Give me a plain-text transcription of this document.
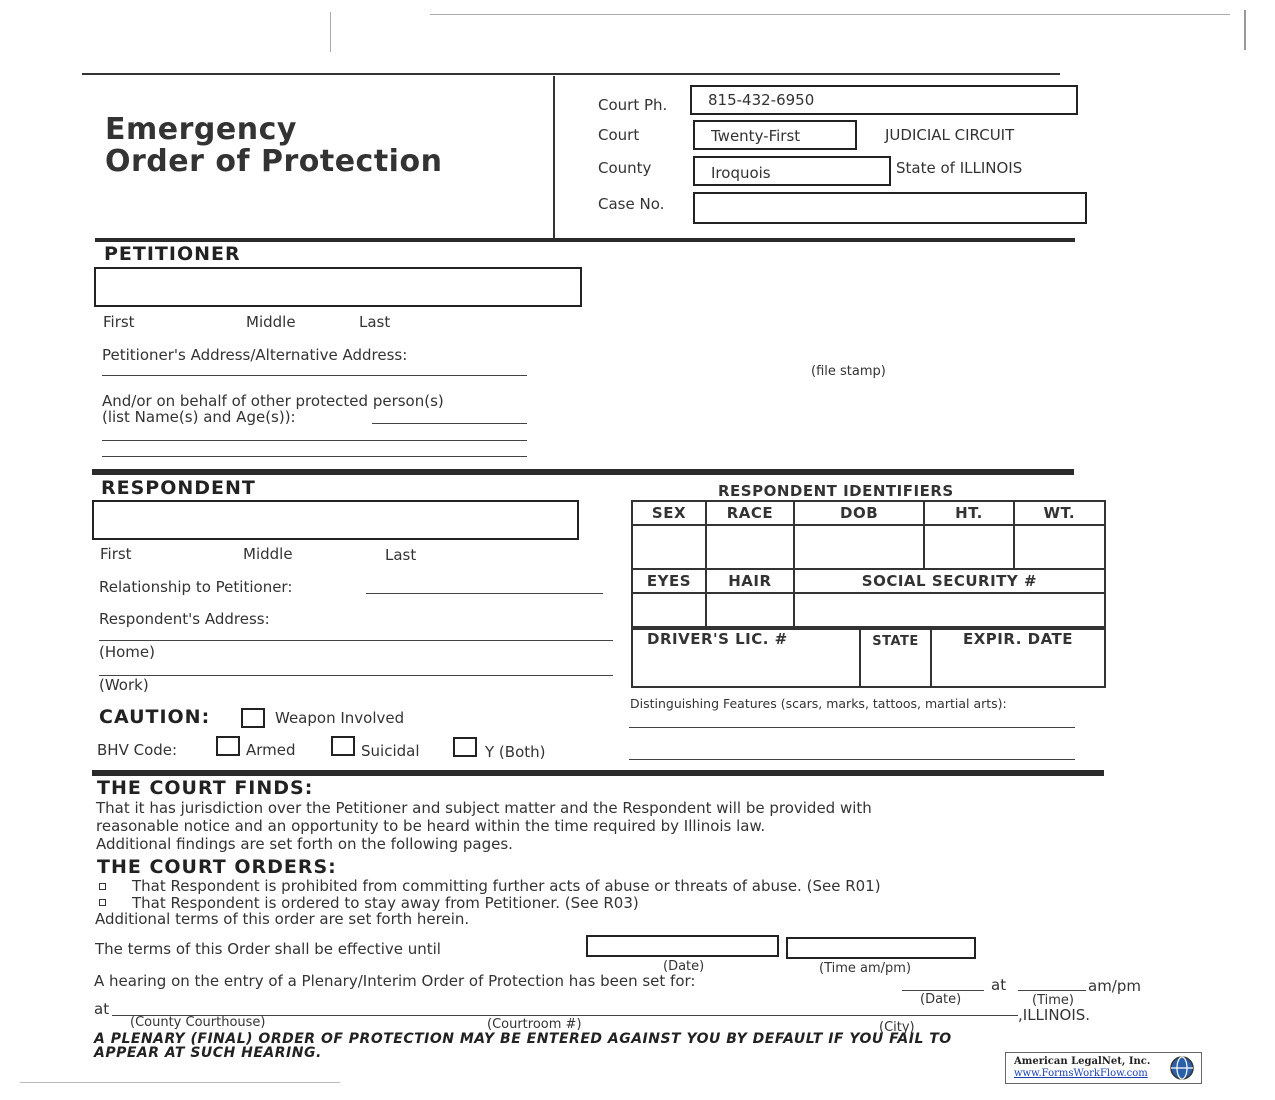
Emergency
Order of Protection
Court Ph.	815-432-6950
Court	Twenty-First	JUDICIAL CIRCUIT
County	Iroquois	State of ILLINOIS
Case No.
PETITIONER
First	Middle	Last
Petitioner's Address/Alternative Address:
(file stamp)
And/or on behalf of other protected person(s)
(list Name(s) and Age(s)):
RESPONDENT
First	Middle	Last
Relationship to Petitioner:
Respondent's Address:
(Home)
(Work)
CAUTION:	Weapon Involved
BHV Code:	Armed	Suicidal	Y (Both)
RESPONDENT IDENTIFIERS
SEX	RACE	DOB	HT.	WT.

EYES	HAIR	SOCIAL SECURITY #		

DRIVER'S LIC. #	STATE	EXPIR. DATE
Distinguishing Features (scars, marks, tattoos, martial arts):
THE COURT FINDS:
That it has jurisdiction over the Petitioner and subject matter and the Respondent will be provided with
reasonable notice and an opportunity to be heard within the time required by Illinois law.
Additional findings are set forth on the following pages.
THE COURT ORDERS:
That Respondent is prohibited from committing further acts of abuse or threats of abuse. (See R01)
That Respondent is ordered to stay away from Petitioner. (See R03)
Additional terms of this order are set forth herein.
The terms of this Order shall be effective until
(Date)	(Time am/pm)
A hearing on the entry of a Plenary/Interim Order of Protection has been set for:	at	am/pm
(Date)	(Time)
at	,ILLINOIS.
(County Courthouse)	(Courtroom #)	(City)
A PLENARY (FINAL) ORDER OF PROTECTION MAY BE ENTERED AGAINST YOU BY DEFAULT IF YOU FAIL TO
APPEAR AT SUCH HEARING.
American LegalNet, Inc.
www.FormsWorkFlow.com
